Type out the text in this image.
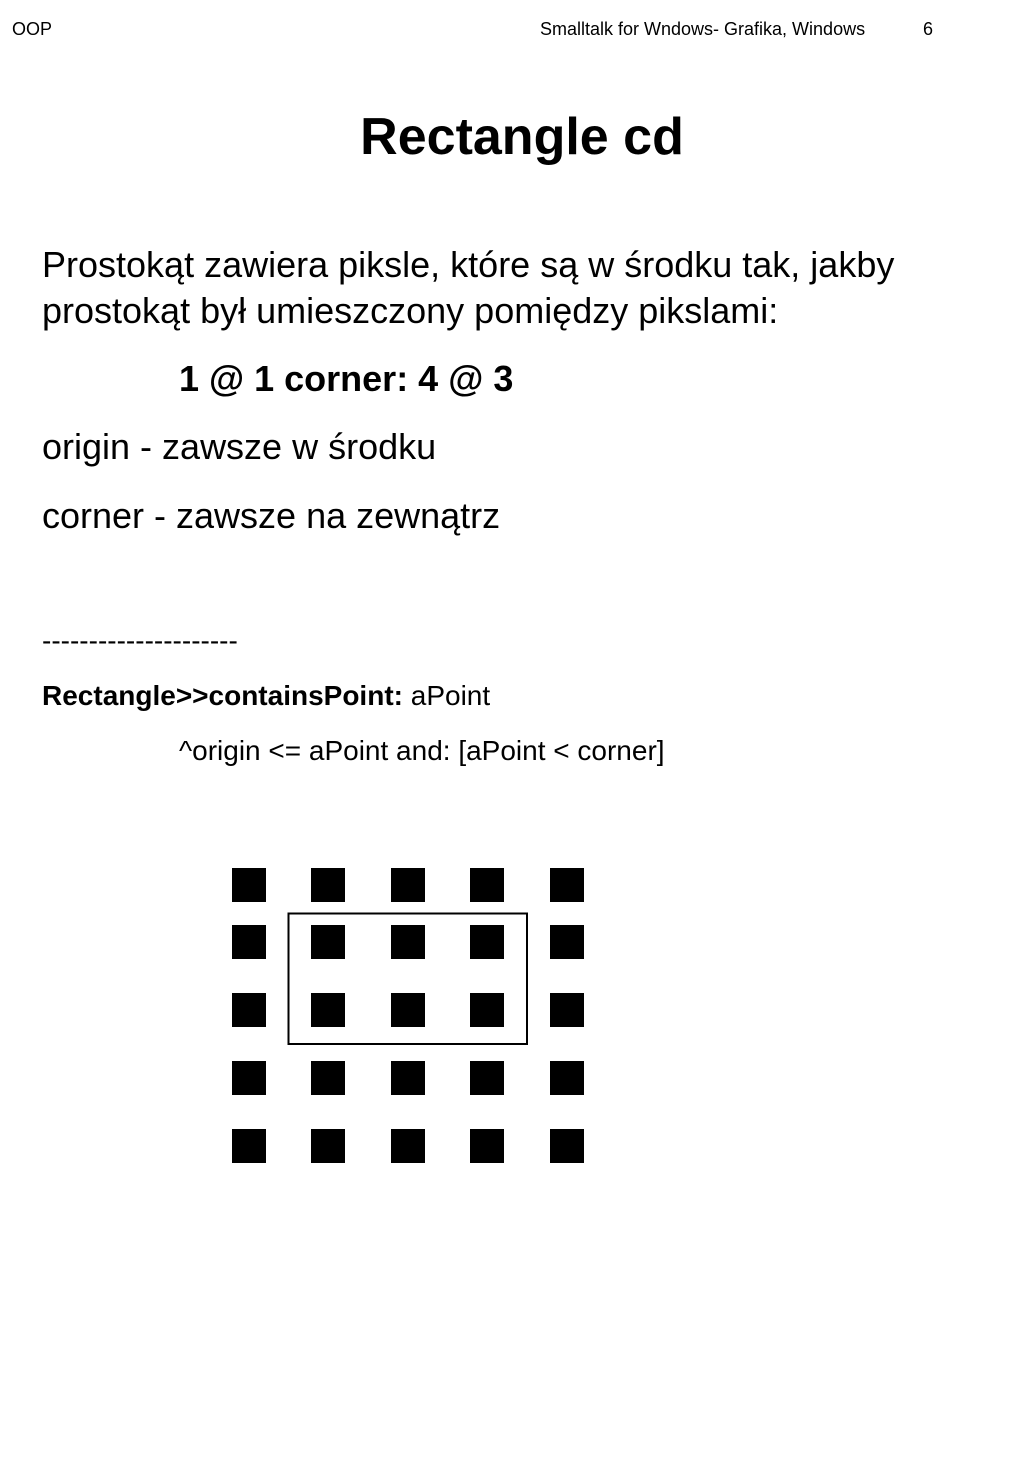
OOP	Smalltalk for Wndows- Grafika, Windows	6
Rectangle cd
Prostokąt zawiera piksle, które są w środku tak, jakby
prostokąt był umieszczony pomiędzy pikslami:
1 @ 1 corner: 4 @ 3
origin - zawsze w środku
corner - zawsze na zewnątrz
---------------------
Rectangle>>containsPoint: aPoint
^origin <= aPoint and: [aPoint < corner]
